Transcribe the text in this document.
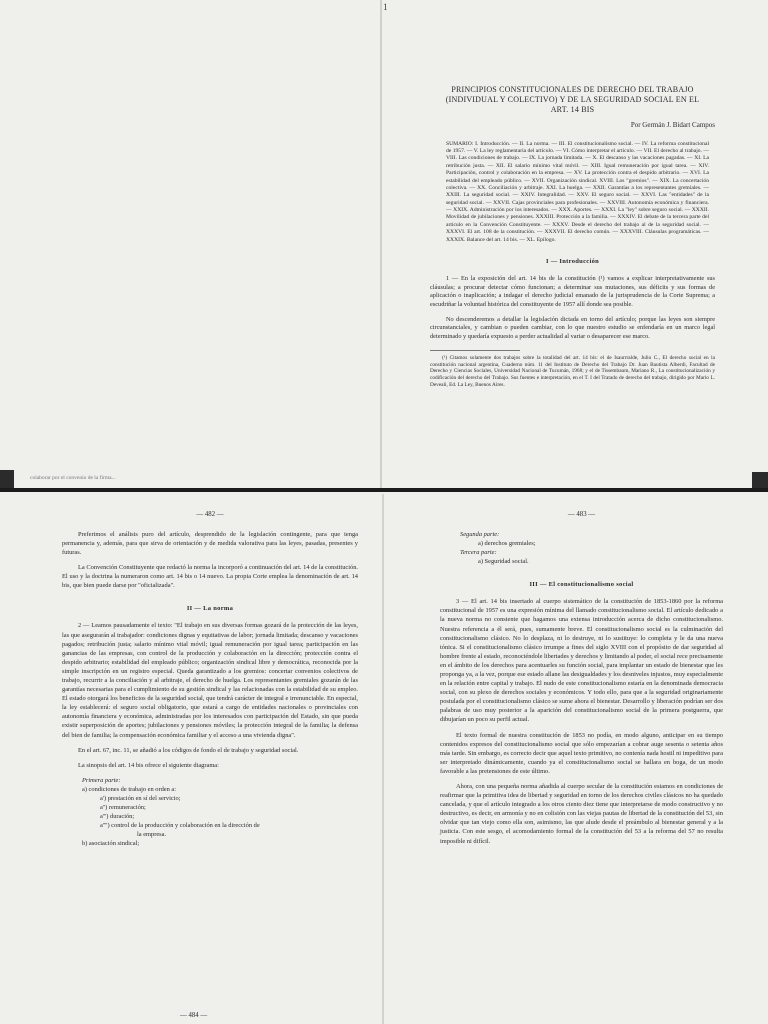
1
colaborar por el convenio de la firma...

PRINCIPIOS CONSTITUCIONALES DE DERECHO DEL TRABAJO
(INDIVIDUAL Y COLECTIVO) Y DE LA SEGURIDAD SOCIAL EN EL
ART. 14 BIS

Por Germán J. Bidart Campos

SUMARIO: I. Introducción. — II. La norma. — III. El constitucionalismo social. — IV. La reforma constitucional de 1957. — V. La ley reglamentaria del artículo. — VI. Cómo interpretar el artículo. — VII. El derecho al trabajo. — VIII. Las condiciones de trabajo. — IX. La jornada limitada. — X. El descanso y las vacaciones pagadas. — XI. La retribución justa. — XII. El salario mínimo vital móvil. — XIII. Igual remuneración por igual tarea. — XIV. Participación, control y colaboración en la empresa. — XV. La protección contra el despido arbitrario. — XVI. La estabilidad del empleado público. — XVII. Organización sindical. XVIII. Los "gremios". — XIX. La concertación colectiva. — XX. Conciliación y arbitraje. XXI. La huelga. — XXII. Garantías a los representantes gremiales. — XXIII. La seguridad social. — XXIV. Integralidad. — XXV. El seguro social. — XXVI. Las "entidades" de la seguridad social. — XXVII. Cajas provinciales para profesionales. — XXVIII. Autonomía económica y financiera. — XXIX. Administración por los interesados. — XXX. Aportes. — XXXI. La "ley" sobre seguro social. — XXXII. Movilidad de jubilaciones y pensiones. XXXIII. Protección a la familia. — XXXIV. El debate de la tercera parte del artículo en la Convención Constituyente. — XXXV. Desde el derecho del trabajo al de la seguridad social. — XXXVI. El art. 108 de la constitución. — XXXVII. El derecho común. — XXXVIII. Cláusulas programáticas. — XXXIX. Balance del art. 14 bis. — XL. Epílogo.

I — Introducción

1 — En la exposición del art. 14 bis de la constitución (¹) vamos a explicar interpretativamente sus cláusulas; a procurar detectar cómo funcionan; a determinar sus mutaciones, sus déficits y sus formas de aplicación o inaplicación; a indagar el derecho judicial emanado de la jurisprudencia de la Corte Suprema; a escudriñar la voluntad histórica del constituyente de 1957 allí donde sea posible.

No descenderemos a detallar la legislación dictada en torno del artículo; porque las leyes son siempre circunstanciales, y cambian o pueden cambiar, con lo que nuestro estudio se enfendaría en un marco legal determinado y quedaría expuesto a perder actualidad al variar o desaparecer ese marco.

(¹) Citamos solamente dos trabajos sobre la totalidad del art. 14 bis: el de Isaurrralde, Julio C., El derecho social en la constitución nacional argentina, Cuaderno núm. 11 del Instituto de Derecho del Trabajo Dr. Juan Bautista Alberdi, Facultad de Derecho y Ciencias Sociales, Universidad Nacional de Tucumán, 1968; y el de Tissembaum, Mariano R., La constitucionalización y codificación del derecho del Trabajo. Sus fuentes e interpretación, en el T. I del Tratado de derecho del trabajo, dirigido por Mario L. Deveali, Ed. La Ley, Buenos Aires.

— 482 —

Preferimos el análisis puro del artículo, desprendido de la legislación contingente, para que tenga permanencia y, además, para que sirva de orientación y de medida valorativa para las leyes, pasadas, presentes y futuras.

La Convención Constituyente que redactó la norma la incorporó a continuación del art. 14 de la constitución. El uso y la doctrina la numeraron como art. 14 bis o 14 nuevo. La propia Corte emplea la denominación de art. 14 bis, que bien puede darse por "oficializada".

II — La norma

2 — Leamos pausadamente el texto: "El trabajo en sus diversas formas gozará de la protección de las leyes, las que asegurarán al trabajador: condiciones dignas y equitativas de labor; jornada limitada; descanso y vacaciones pagados; retribución justa; salario mínimo vital móvil; igual remuneración por igual tarea; participación en las ganancias de las empresas, con control de la producción y colaboración en la dirección; protección contra el despido arbitrario; estabilidad del empleado público; organización sindical libre y democrática, reconocida por la simple inscripción en un registro especial. Queda garantizado a los gremios: concertar convenios colectivos de trabajo, recurrir a la conciliación y al arbitraje, el derecho de huelga. Los representantes gremiales gozarán de las garantías necesarias para el cumplimiento de su gestión sindical y las relacionadas con la estabilidad de su empleo. El estado otorgará los beneficios de la seguridad social, que tendrá carácter de integral e irrenunciable. En especial, la ley establecerá: el seguro social obligatorio, que estará a cargo de entidades nacionales o provinciales con autonomía financiera y económica, administradas por los interesados con participación del Estado, sin que pueda existir superposición de aportes; jubilaciones y pensiones móviles; la protección integral de la familia; la defensa del bien de familia; la compensación económica familiar y el acceso a una vivienda digna".

En el art. 67, inc. 11, se añadió a los códigos de fondo el de trabajo y seguridad social.

La sinopsis del art. 14 bis ofrece el siguiente diagrama:

Primera parte:

a) condiciones de trabajo en orden a:

a') prestación en sí del servicio;

a'') remuneración;

a''') duración;

a'''') control de la producción y colaboración en la dirección de

la empresa.

b) asociación sindical;

— 484 —

— 483 —

Segunda parte:

a) derechos gremiales;

Tercera parte:

a) Seguridad social.

III — El constitucionalismo social

3 — El art. 14 bis insertado al cuerpo sistemático de la constitución de 1853-1860 por la reforma constitucional de 1957 es una expresión mínima del llamado constitucionalismo social. El artículo dedicado a la nueva norma no consiente que hagamos una extensa introducción acerca de dicho constitucionalismo. Nuestra referencia a él será, pues, sumamente breve. El constitucionalismo social es la culminación del constitucionalismo clásico. No lo desplaza, ni lo destruye, ni lo sustituye: lo completa y le da una nueva tónica. Si el constitucionalismo clásico irrumpe a fines del siglo XVIII con el propósito de dar seguridad al hombre frente al estado, reconociéndole libertades y derechos y limitando al poder, el social rece precisamente en el ámbito de los derechos para acentuarles su función social, para implantar un estado de bienestar que les proponga ya, a la vez, porque ese estado allane las desigualdades y los desniveles injustos, muy especialmente en la relación entre capital y trabajo. El nudo de este constitucionalismo estaría en la denominada democracia social, con su plexo de derechos sociales y económicos. Y todo ello, para que a la seguridad originariamente postulada por el constitucionalismo clásico se sume ahora el bienestar. Desarrollo y liberación podrían ser dos palabras de uso muy posterior a la aparición del constitucionalismo social de la primera postguerra, que dibujarían un poco su perfil actual.

El texto formal de nuestra constitución de 1853 no podía, en modo alguno, anticipar en su tiempo contenidos expresos del constitucionalismo social que sólo empezarían a cobrar auge sesenta o setenta años más tarde. Sin embargo, es correcto decir que aquel texto primitivo, no contenía nada hostil ni impeditivo para ser interpretado dinámicamente, cuando ya el constitucionalismo social se hallara en boga, de un modo favorable a las pretensiones de este último.

Ahora, con una pequeña norma añadida al cuerpo secular de la constitución estamos en condiciones de reafirmar que la primitiva idea de libertad y seguridad en torno de los derechos civiles clásicos no ha quedado cancelada, y que el artículo integrado a los otros ciento diez tiene que interpretarse de modo constructivo y no destructivo, es decir, en armonía y no en colisión con las viejas pautas de libertad de la constitución del 53, sin olvidar que tan viejo como ella son, asimismo, las que alude desde el preámbulo al bienestar general y a la justicia. Con este sesgo, el acomodamiento formal de la constitución del 53 a la reforma del 57 no resulta imposible ni difícil.
